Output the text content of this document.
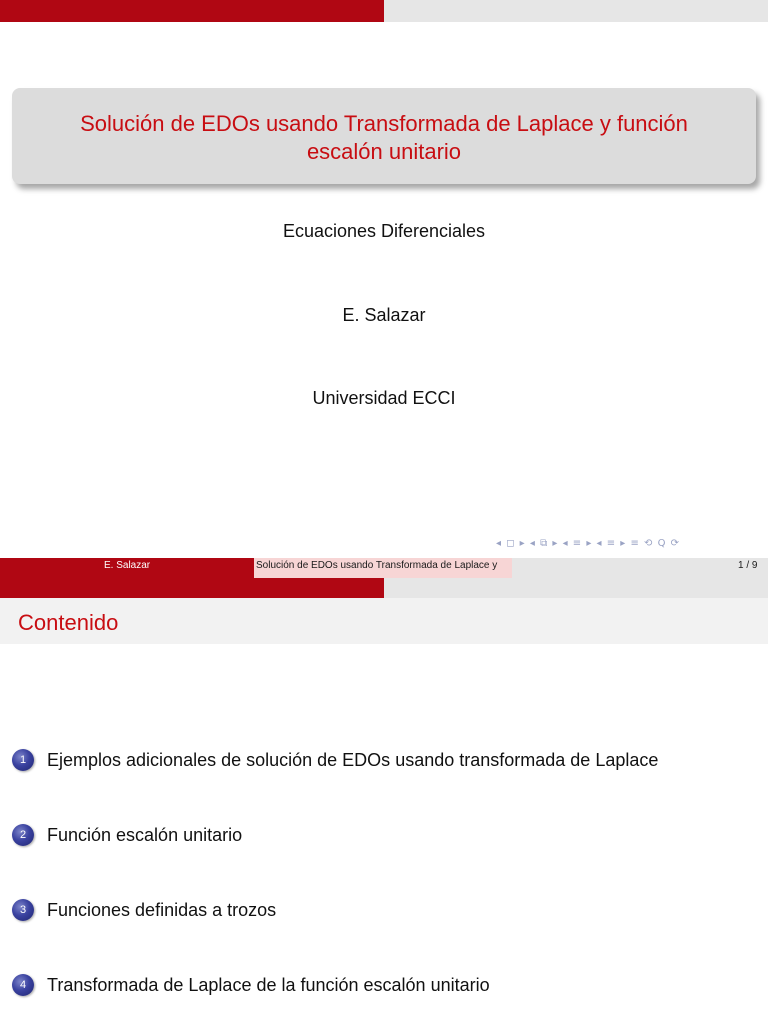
Solución de EDOs usando Transformada de Laplace y función
escalón unitario
Ecuaciones Diferenciales
E. Salazar
Universidad ECCI
◂ ◻ ▸ ◂ ⧉ ▸ ◂ ≡ ▸ ◂ ≡ ▸ ≡ ⟲ Q ⟳
E. Salazar	Solución de EDOs usando Transformada de Laplace y	1 / 9
Contenido
1	Ejemplos adicionales de solución de EDOs usando transformada de Laplace
2	Función escalón unitario
3	Funciones definidas a trozos
4	Transformada de Laplace de la función escalón unitario
